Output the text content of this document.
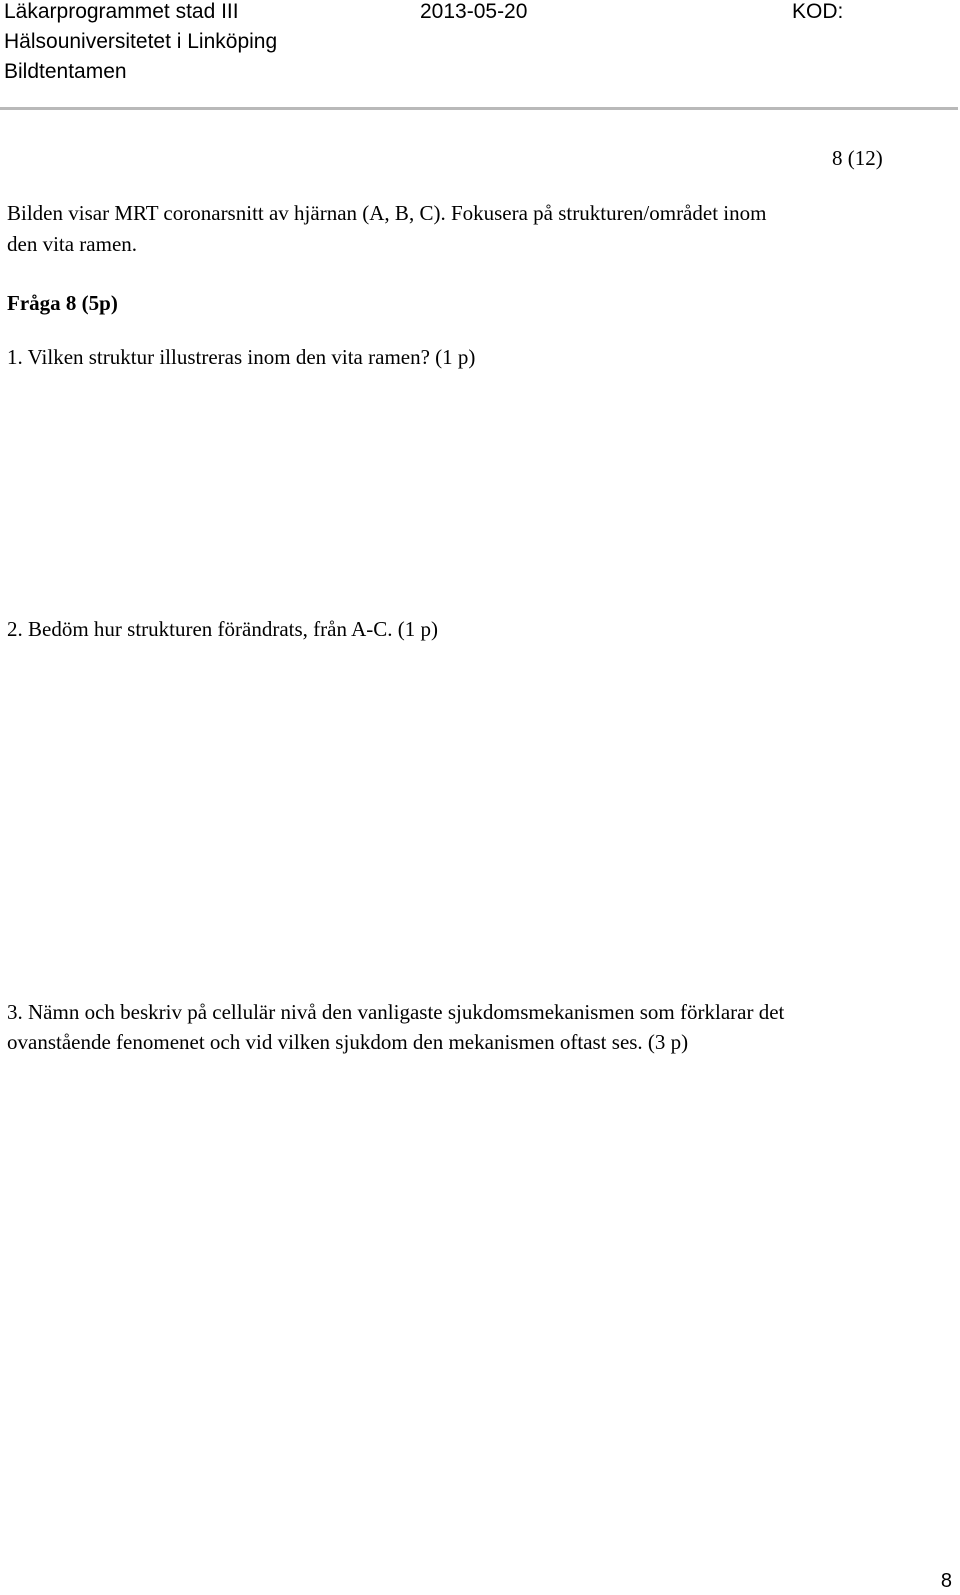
Läkarprogrammet stad III	2013-05-20	KOD:
Hälsouniversitetet i Linköping
Bildtentamen
8 (12)
Bilden visar MRT coronarsnitt av hjärnan (A, B, C). Fokusera på strukturen/området inom
den vita ramen.
Fråga 8 (5p)
1. Vilken struktur illustreras inom den vita ramen? (1 p)
2. Bedöm hur strukturen förändrats, från A-C. (1 p)
3. Nämn och beskriv på cellulär nivå den vanligaste sjukdomsmekanismen som förklarar det
ovanstående fenomenet och vid vilken sjukdom den mekanismen oftast ses. (3 p)
8
